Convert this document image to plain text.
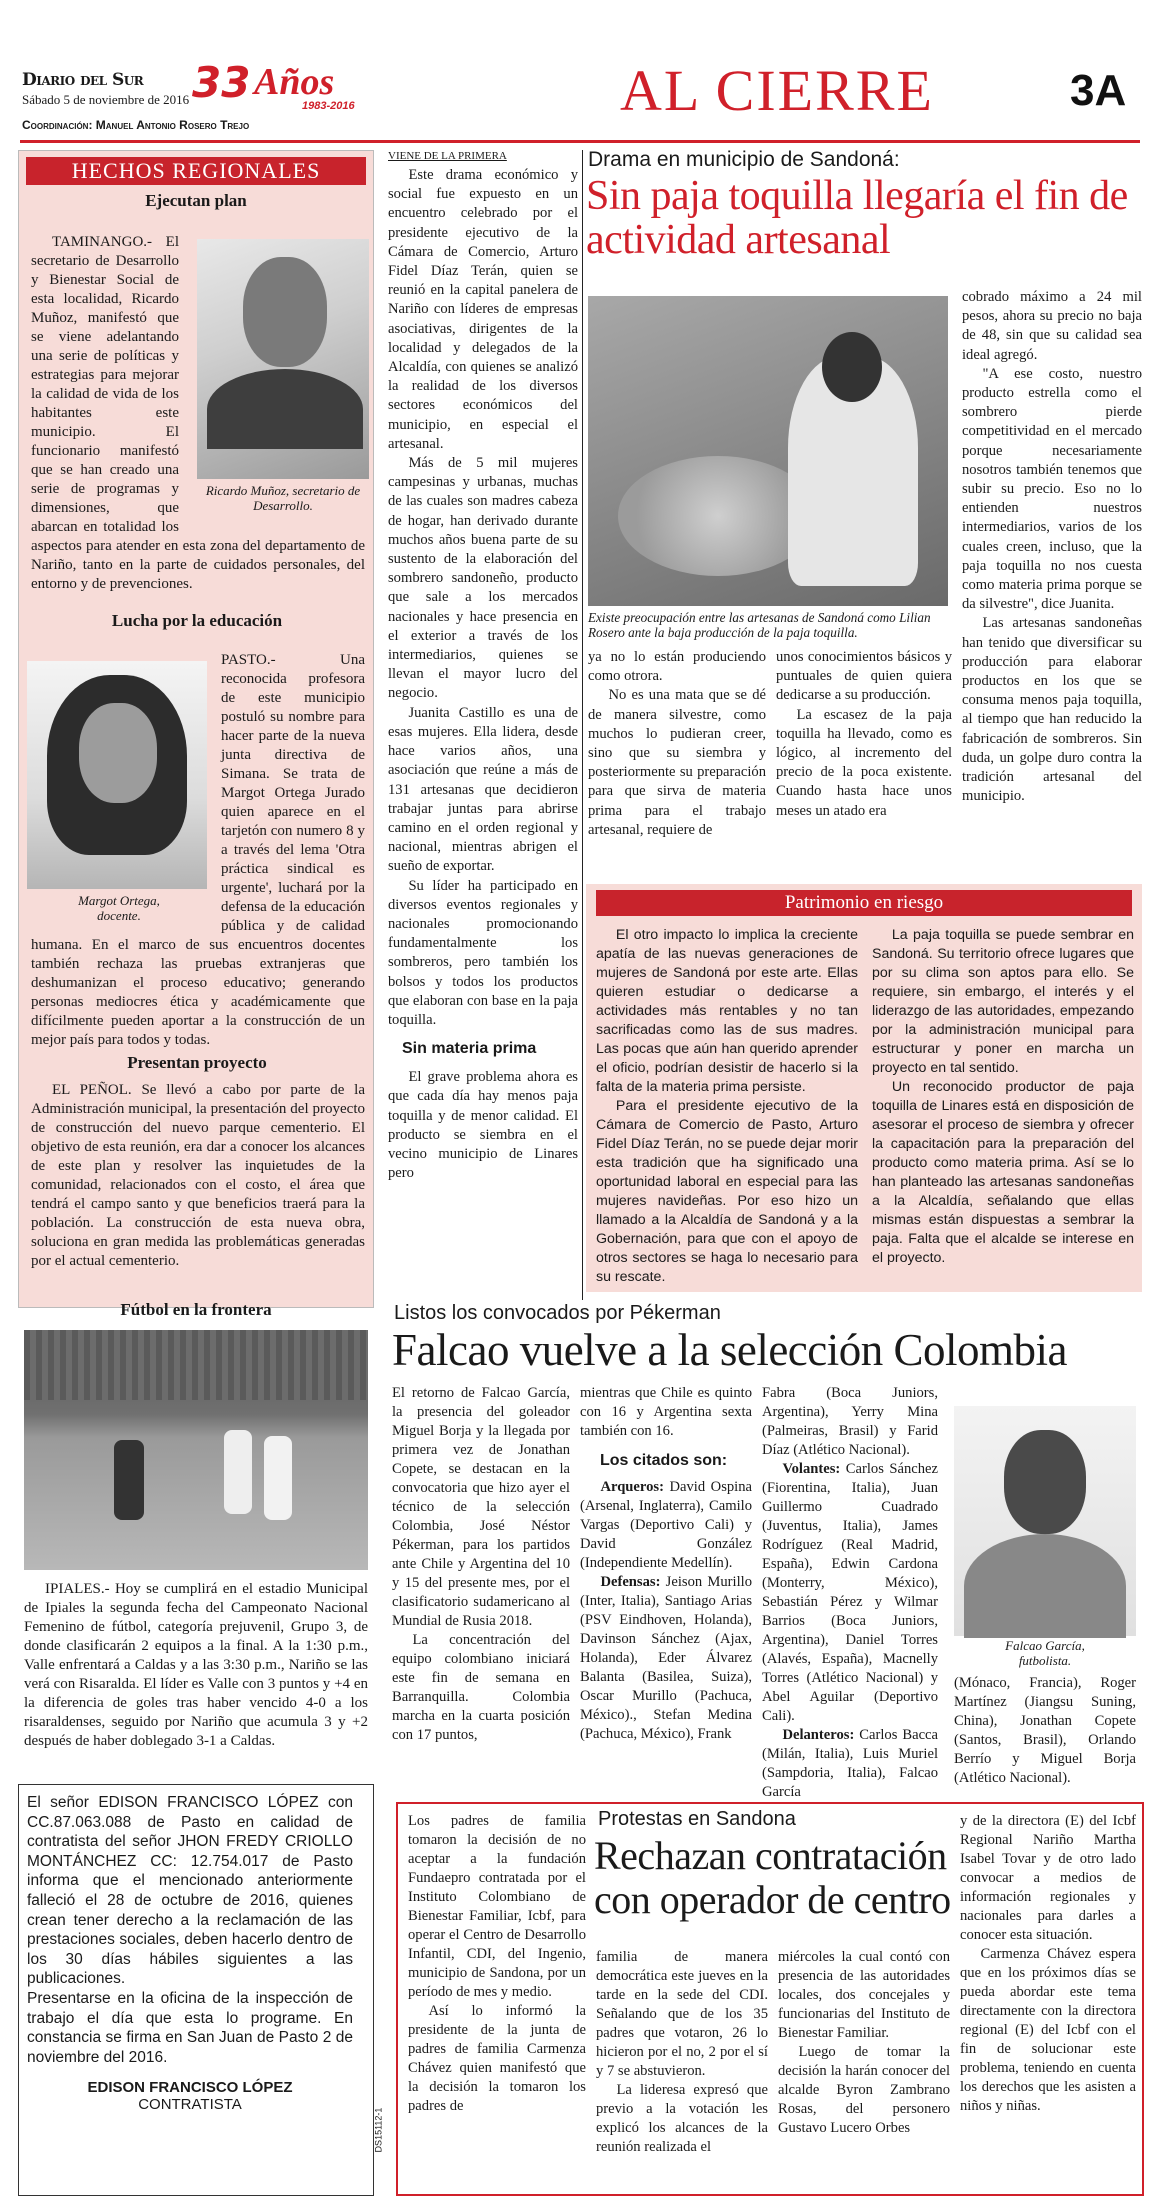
Diario del Sur
Sábado 5 de noviembre de 2016 33 Años
1983-2016
Coordinación: Manuel Antonio Rosero Trejo
AL CIERRE	3A
HECHOS REGIONALES
Ejecutan plan
Ricardo Muñoz, secretario de Desarrollo.
TAMINANGO.- El secretario de Desarrollo y Bienestar Social de esta localidad, Ricardo Muñoz, manifestó que se viene adelantando una serie de políticas y estrategias para mejorar la calidad de vida de los habitantes este municipio. El funcionario manifestó que se han creado una serie de programas y dimensiones, que abarcan en totalidad los aspectos para atender en esta zona del departamento de Nariño, tanto en la parte de cuidados personales, del entorno y de prevenciones.
Lucha por la educación
Margot Ortega, docente.
PASTO.- Una reconocida profesora de este municipio postuló su nombre para hacer parte de la nueva junta directiva de Simana. Se trata de Margot Ortega Jurado quien aparece en el tarjetón con numero 8 y a través del lema 'Otra práctica sindical es urgente', luchará por la defensa de la educación pública y de calidad humana. En el marco de sus encuentros docentes también rechaza las pruebas extranjeras que deshumanizan el proceso educativo; generando personas mediocres ética y académicamente que difícilmente pueden aportar a la construcción de un mejor país para todos y todas.
Presentan proyecto
EL PEÑOL. Se llevó a cabo por parte de la Administración municipal, la presentación del proyecto de construcción del nuevo parque cementerio. El objetivo de esta reunión, era dar a conocer los alcances de este plan y resolver las inquietudes de la comunidad, relacionados con el costo, el área que tendrá el campo santo y que beneficios traerá para la población. La construcción de esta nueva obra, soluciona en gran medida las problemáticas generadas por el actual cementerio.
Fútbol en la frontera
IPIALES.- Hoy se cumplirá en el estadio Municipal de Ipiales la segunda fecha del Campeonato Nacional Femenino de fútbol, categoría prejuvenil, Grupo 3, de donde clasificarán 2 equipos a la final. A la 1:30 p.m., Valle enfrentará a Caldas y a las 3:30 p.m., Nariño se las verá con Risaralda. El líder es Valle con 3 puntos y +4 en la diferencia de goles tras haber vencido 4-0 a los risaraldenses, seguido por Nariño que acumula 3 y +2 después de haber doblegado 3-1 a Caldas.
El señor EDISON FRANCISCO LÓPEZ con CC.87.063.088 de Pasto en calidad de contratista del señor JHON FREDY CRIOLLO MONTÁNCHEZ CC: 12.754.017 de Pasto informa que el mencionado anteriormente falleció el 28 de octubre de 2016, quienes crean tener derecho a la reclamación de las prestaciones sociales, deben hacerlo dentro de los 30 días hábiles siguientes a las publicaciones.
Presentarse en la oficina de la inspección de trabajo el día que esta lo programe. En constancia se firma en San Juan de Pasto 2 de noviembre del 2016.
EDISON FRANCISCO LÓPEZ
CONTRATISTA
DS15112-1
VIENE DE LA PRIMERA

Este drama económico y social fue expuesto en un encuentro celebrado por el presidente ejecutivo de la Cámara de Comercio, Arturo Fidel Díaz Terán, quien se reunió en la capital panelera de Nariño con líderes de empresas asociativas, dirigentes de la localidad y delegados de la Alcaldía, con quienes se analizó la realidad de los diversos sectores económicos del municipio, en especial el artesanal.

Más de 5 mil mujeres campesinas y urbanas, muchas de las cuales son madres cabeza de hogar, han derivado durante muchos años buena parte de su sustento de la elaboración del sombrero sandoneño, producto que sale a los mercados nacionales y hace presencia en el exterior a través de los intermediarios, quienes se llevan el mayor lucro del negocio.

Juanita Castillo es una de esas mujeres. Ella lidera, desde hace varios años, una asociación que reúne a más de 131 artesanas que decidieron trabajar juntas para abrirse camino en el orden regional y nacional, mientras abrigen el sueño de exportar.

Su líder ha participado en diversos eventos regionales y nacionales promocionando fundamentalmente los sombreros, pero también los bolsos y todos los productos que elaboran con base en la paja toquilla.

Sin materia prima

El grave problema ahora es que cada día hay menos paja toquilla y de menor calidad. El producto se siembra en el vecino municipio de Linares pero

Drama en municipio de Sandoná:
Sin paja toquilla llegaría el fin de actividad artesanal
Existe preocupación entre las artesanas de Sandoná como Lilian Rosero ante la baja producción de la paja toquilla.

cobrado máximo a 24 mil pesos, ahora su precio no baja de 48, sin que su calidad sea ideal agregó.

"A ese costo, nuestro producto estrella como el sombrero pierde competitividad en el mercado porque necesariamente nosotros también tenemos que subir su precio. Eso no lo entienden nuestros intermediarios, varios de los cuales creen, incluso, que la paja toquilla no nos cuesta como materia prima porque se da silvestre", dice Juanita.

Las artesanas sandoneñas han tenido que diversificar su producción para elaborar productos en los que se consuma menos paja toquilla, al tiempo que han reducido la fabricación de sombreros. Sin duda, un golpe duro contra la tradición artesanal del municipio.

ya no lo están produciendo como otrora.

No es una mata que se dé de manera silvestre, como muchos lo pudieran creer, sino que su siembra y posteriormente su preparación para que sirva de materia prima para el trabajo artesanal, requiere de

unos conocimientos básicos y puntuales de quien quiera dedicarse a su producción.

La escasez de la paja toquilla ha llevado, como es lógico, al incremento del precio de la poca existente. Cuando hasta hace unos meses un atado era

Patrimonio en riesgo

El otro impacto lo implica la creciente apatía de las nuevas generaciones de mujeres de Sandoná por este arte. Ellas quieren estudiar o dedicarse a actividades más rentables y no tan sacrificadas como las de sus madres. Las pocas que aún han querido aprender el oficio, podrían desistir de hacerlo si la falta de la materia prima persiste.

Para el presidente ejecutivo de la Cámara de Comercio de Pasto, Arturo Fidel Díaz Terán, no se puede dejar morir esta tradición que ha significado una oportunidad laboral en especial para las mujeres navideñas. Por eso hizo un llamado a la Alcaldía de Sandoná y a la Gobernación, para que con el apoyo de otros sectores se haga lo necesario para su rescate.

La paja toquilla se puede sembrar en Sandoná. Su territorio ofrece lugares que por su clima son aptos para ello. Se requiere, sin embargo, el interés y el liderazgo de las autoridades, empezando por la administración municipal para estructurar y poner en marcha un proyecto en tal sentido.

Un reconocido productor de paja toquilla de Linares está en disposición de asesorar el proceso de siembra y ofrecer la capacitación para la preparación del producto como materia prima. Así se lo han planteado las artesanas sandoneñas a la Alcaldía, señalando que ellas mismas están dispuestas a sembrar la paja. Falta que el alcalde se interese en el proyecto.

Listos los convocados por Pékerman
Falcao vuelve a la selección Colombia

El retorno de Falcao García, la presencia del goleador Miguel Borja y la llegada por primera vez de Jonathan Copete, se destacan en la convocatoria que hizo ayer el técnico de la selección Colombia, José Néstor Pékerman, para los partidos ante Chile y Argentina del 10 y 15 del presente mes, por el clasificatorio sudamericano al Mundial de Rusia 2018.

La concentración del equipo colombiano iniciará este fin de semana en Barranquilla. Colombia marcha en la cuarta posición con 17 puntos,

mientras que Chile es quinto con 16 y Argentina sexta también con 16.

Los citados son:

Arqueros: David Ospina (Arsenal, Inglaterra), Camilo Vargas (Deportivo Cali) y David González (Independiente Medellín).

Defensas: Jeison Murillo (Inter, Italia), Santiago Arias (PSV Eindhoven, Holanda), Davinson Sánchez (Ajax, Holanda), Eder Álvarez Balanta (Basilea, Suiza), Oscar Murillo (Pachuca, México)., Stefan Medina (Pachuca, México), Frank

Fabra (Boca Juniors, Argentina), Yerry Mina (Palmeiras, Brasil) y Farid Díaz (Atlético Nacional).

Volantes: Carlos Sánchez (Fiorentina, Italia), Juan Guillermo Cuadrado (Juventus, Italia), James Rodríguez (Real Madrid, España), Edwin Cardona (Monterry, México), Sebastián Pérez y Wilmar Barrios (Boca Juniors, Argentina), Daniel Torres (Alavés, España), Macnelly Torres (Atlético Nacional) y Abel Aguilar (Deportivo Cali).

Delanteros: Carlos Bacca (Milán, Italia), Luis Muriel (Sampdoria, Italia), Falcao García

Falcao García, futbolista.

(Mónaco, Francia), Roger Martínez (Jiangsu Suning, China), Jonathan Copete (Santos, Brasil), Orlando Berrío y Miguel Borja (Atlético Nacional).

Los padres de familia tomaron la decisión de no aceptar a la fundación Fundaepro contratada por el Instituto Colombiano de Bienestar Familiar, Icbf, para operar el Centro de Desarrollo Infantil, CDI, del Ingenio, municipio de Sandona, por un período de mes y medio.

Así lo informó la presidente de la junta de padres de familia Carmenza Chávez quien manifestó que la decisión la tomaron los padres de

Protestas en Sandona
Rechazan contratación con operador de centro

familia de manera democrática este jueves en la tarde en la sede del CDI. Señalando que de los 35 padres que votaron, 26 lo hicieron por el no, 2 por el sí y 7 se abstuvieron.

La lideresa expresó que previo a la votación les explicó los alcances de la reunión realizada el

miércoles la cual contó con presencia de las autoridades locales, dos concejales y funcionarias del Instituto de Bienestar Familiar.

Luego de tomar la decisión la harán conocer del alcalde Byron Zambrano Rosas, del personero Gustavo Lucero Orbes

y de la directora (E) del Icbf Regional Nariño Martha Isabel Tovar y de otro lado convocar a medios de información regionales y nacionales para darles a conocer esta situación.

Carmenza Chávez espera que en los próximos días se pueda abordar este tema directamente con la directora regional (E) del Icbf con el fin de solucionar este problema, teniendo en cuenta los derechos que les asisten a niños y niñas.
